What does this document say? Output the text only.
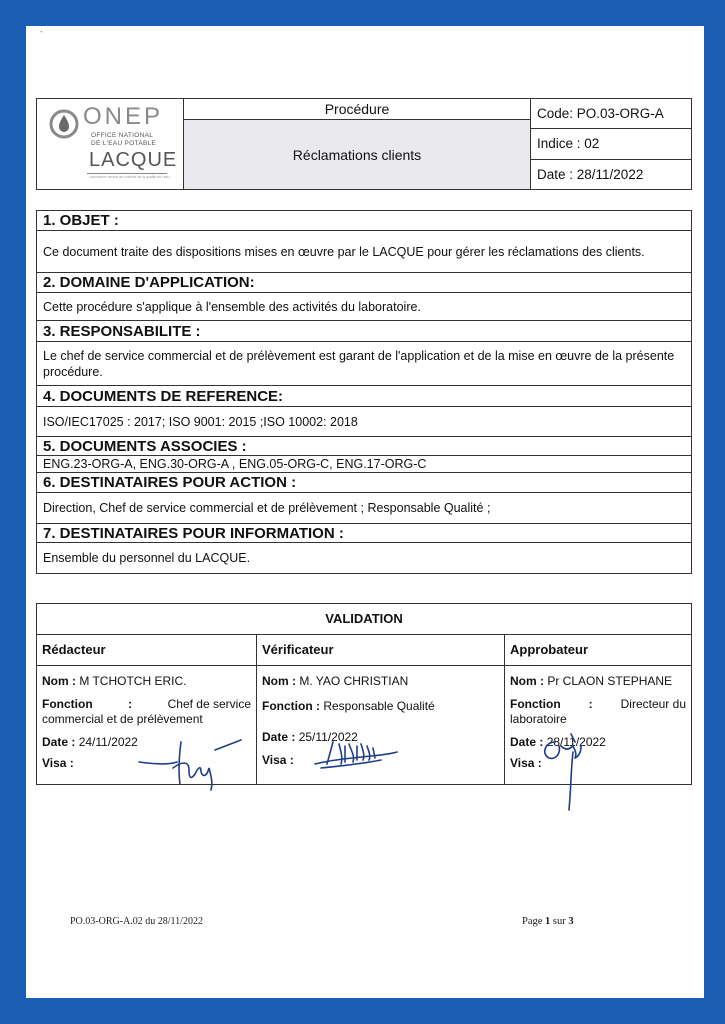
`
ONEP
OFFICE NATIONAL
DE L'EAU POTABLE
LACQUE
Laboratoire central de contrôle de la qualité de l'eau
Procédure
Réclamations clients
Code: PO.03-ORG-A
Indice : 02
Date : 28/11/2022
1. OBJET :
Ce document traite des dispositions mises en œuvre par le LACQUE pour gérer les réclamations des clients.
2. DOMAINE D'APPLICATION:
Cette procédure s'applique à l'ensemble des activités du laboratoire.
3. RESPONSABILITE :
Le chef de service commercial et de prélèvement est garant de l'application et de la mise en œuvre de la présente procédure.
4. DOCUMENTS DE REFERENCE:
ISO/IEC17025 : 2017; ISO 9001: 2015 ;ISO 10002: 2018
5. DOCUMENTS ASSOCIES :
ENG.23-ORG-A, ENG.30-ORG-A , ENG.05-ORG-C, ENG.17-ORG-C
6. DESTINATAIRES POUR ACTION :
Direction, Chef de service commercial et de prélèvement ; Responsable Qualité ;
7. DESTINATAIRES POUR INFORMATION :
Ensemble du personnel du LACQUE.
VALIDATION
Rédacteur
Nom : M TCHOTCH ERIC.
Fonction	:	Chef de service
commercial et de prélèvement
Date : 24/11/2022
Visa :
Vérificateur
Nom : M. YAO CHRISTIAN
Fonction : Responsable Qualité
Date : 25/11/2022
Visa :
Approbateur
Nom : Pr CLAON STEPHANE
Fonction : Directeur du
laboratoire
Date : 28/11/2022
Visa :
PO.03-ORG-A.02 du 28/11/2022	Page 1 sur 3
